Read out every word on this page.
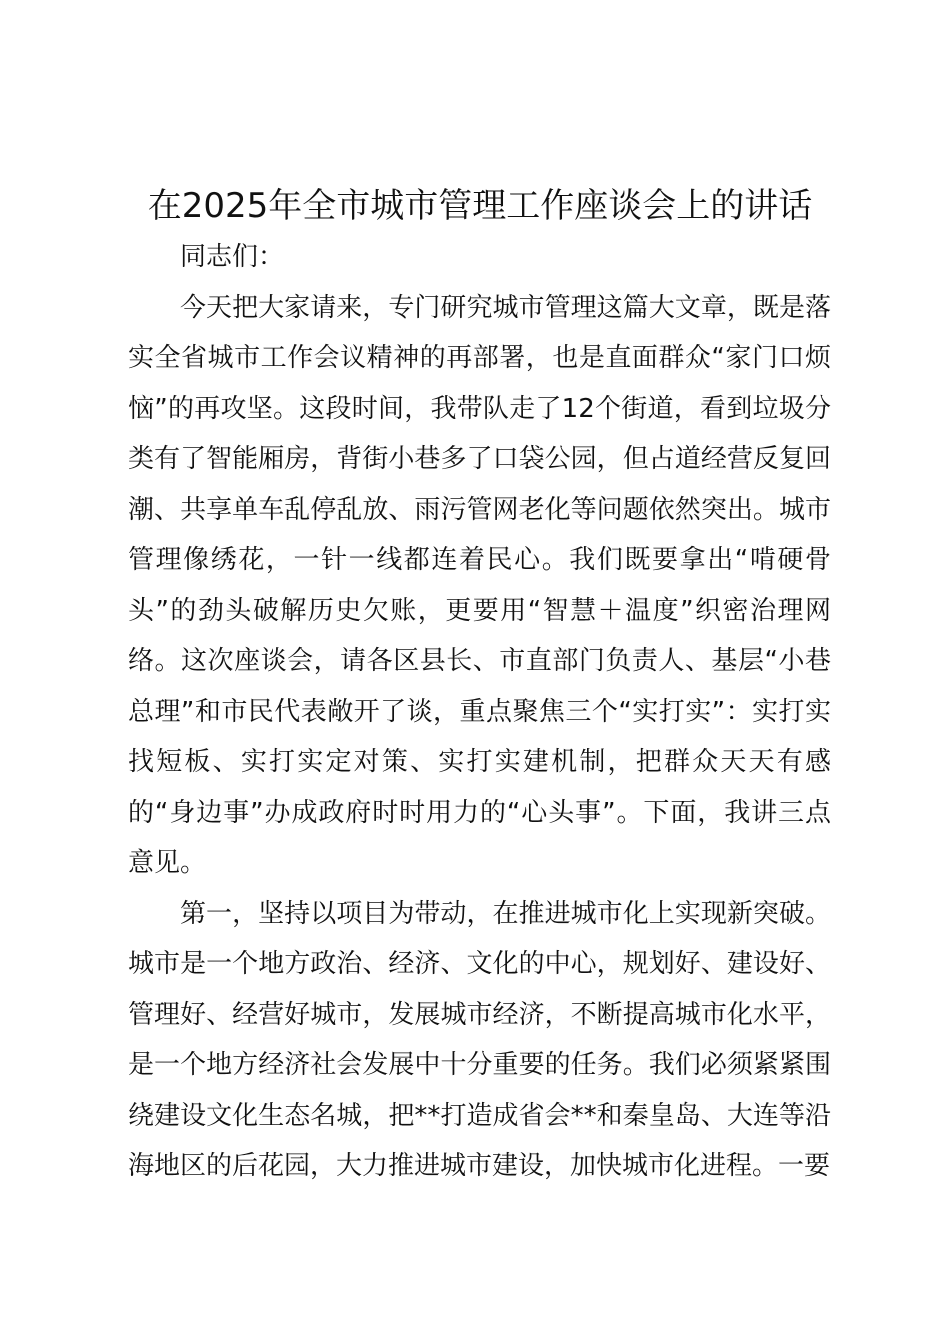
在2025年全市城市管理工作座谈会上的讲话

同志们：

今天把大家请来，专门研究城市管理这篇大文章，既是落实全省城市工作会议精神的再部署，也是直面群众“家门口烦恼”的再攻坚。这段时间，我带队走了12个街道，看到垃圾分类有了智能厢房，背街小巷多了口袋公园，但占道经营反复回潮、共享单车乱停乱放、雨污管网老化等问题依然突出。城市管理像绣花，一针一线都连着民心。我们既要拿出“啃硬骨头”的劲头破解历史欠账，更要用“智慧＋温度”织密治理网络。这次座谈会，请各区县长、市直部门负责人、基层“小巷总理”和市民代表敞开了谈，重点聚焦三个“实打实”：实打实找短板、实打实定对策、实打实建机制，把群众天天有感的“身边事”办成政府时时用力的“心头事”。下面，我讲三点意见。

第一，坚持以项目为带动，在推进城市化上实现新突破。城市是一个地方政治、经济、文化的中心，规划好、建设好、管理好、经营好城市，发展城市经济，不断提高城市化水平，是一个地方经济社会发展中十分重要的任务。我们必须紧紧围绕建设文化生态名城，把**打造成省会**和秦皇岛、大连等沿海地区的后花园，大力推进城市建设，加快城市化进程。一要
